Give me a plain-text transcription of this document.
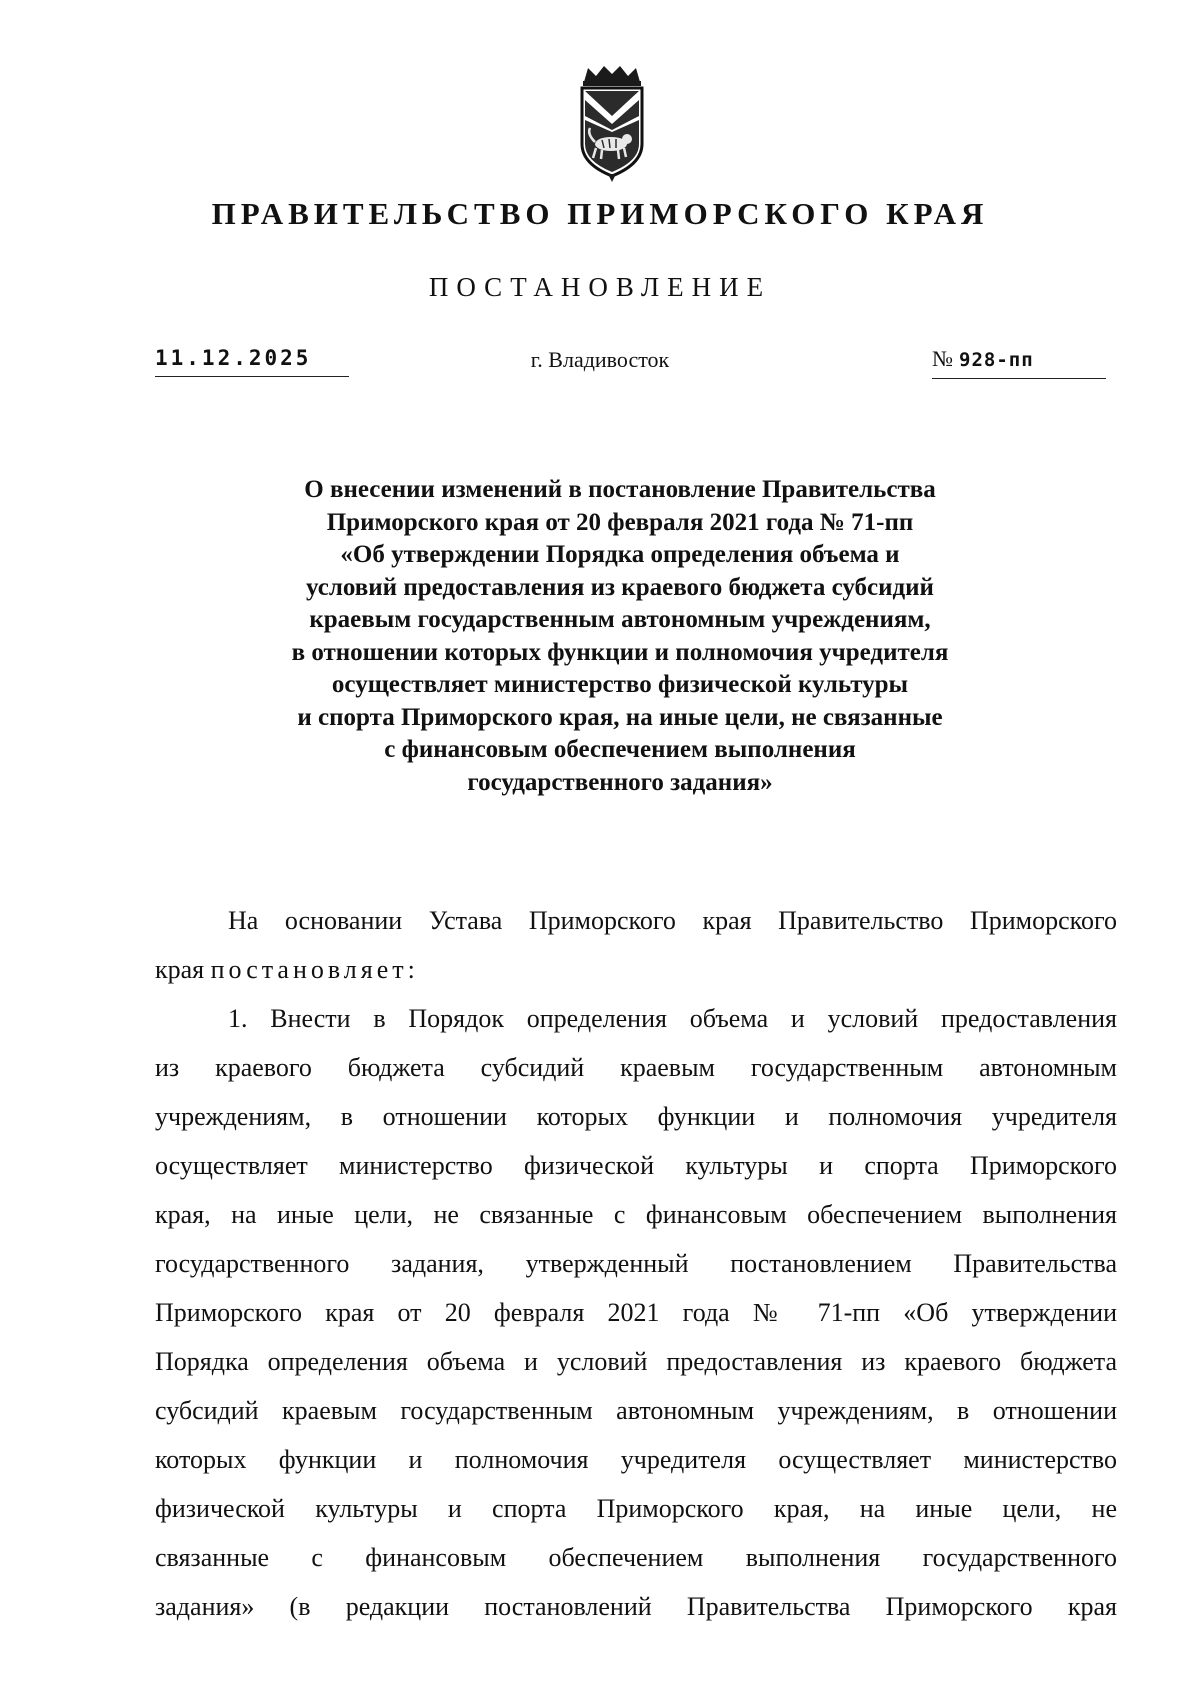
ПРАВИТЕЛЬСТВО ПРИМОРСКОГО КРАЯ
ПОСТАНОВЛЕНИЕ
11.12.2025	г. Владивосток	№ 928-пп
О внесении изменений в постановление Правительства
Приморского края от 20 февраля 2021 года № 71-пп
«Об утверждении Порядка определения объема и
условий предоставления из краевого бюджета субсидий
краевым государственным автономным учреждениям,
в отношении которых функции и полномочия учредителя
осуществляет министерство физической культуры
и спорта Приморского края, на иные цели, не связанные
с финансовым обеспечением выполнения
государственного задания»
На основании Устава Приморского края Правительство Приморского
края постановляет:
1. Внести в Порядок определения объема и условий предоставления
из краевого бюджета субсидий краевым государственным автономным
учреждениям, в отношении которых функции и полномочия учредителя
осуществляет министерство физической культуры и спорта Приморского
края, на иные цели, не связанные с финансовым обеспечением выполнения
государственного задания, утвержденный постановлением Правительства
Приморского края от 20 февраля 2021 года № 71-пп «Об утверждении
Порядка определения объема и условий предоставления из краевого бюджета
субсидий краевым государственным автономным учреждениям, в отношении
которых функции и полномочия учредителя осуществляет министерство
физической культуры и спорта Приморского края, на иные цели, не
связанные с финансовым обеспечением выполнения государственного
задания» (в редакции постановлений Правительства Приморского края
